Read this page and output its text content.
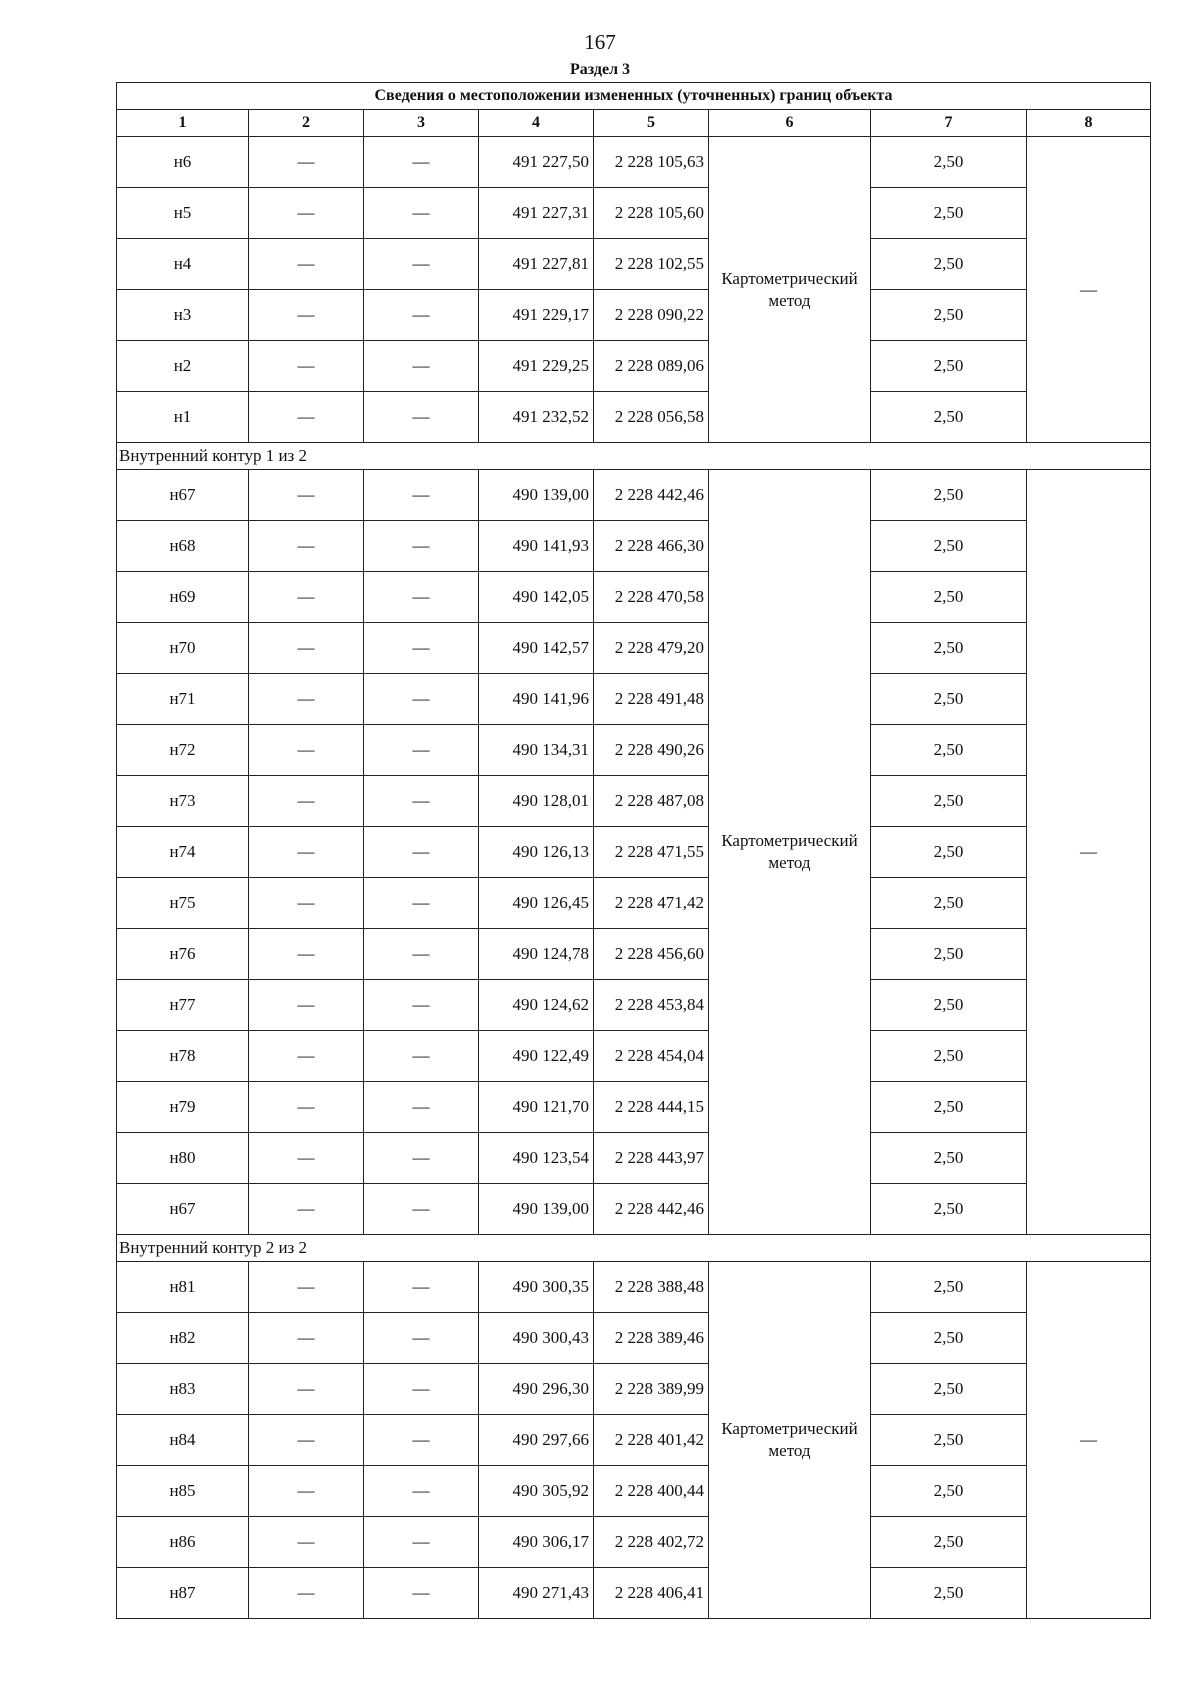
167
Раздел 3
Сведения о местоположении измененных (уточненных) границ объекта							
1	2	3	4	5	6	7	8
н6	—	—	491 227,50	2 228 105,63	Картометрический метод	2,50	—
н5	—	—	491 227,31	2 228 105,60		2,50	
н4	—	—	491 227,81	2 228 102,55		2,50	
н3	—	—	491 229,17	2 228 090,22		2,50	
н2	—	—	491 229,25	2 228 089,06		2,50	
н1	—	—	491 232,52	2 228 056,58		2,50	
Внутренний контур 1 из 2							
н67	—	—	490 139,00	2 228 442,46	Картометрический метод	2,50	—
н68	—	—	490 141,93	2 228 466,30		2,50	
н69	—	—	490 142,05	2 228 470,58		2,50	
н70	—	—	490 142,57	2 228 479,20		2,50	
н71	—	—	490 141,96	2 228 491,48		2,50	
н72	—	—	490 134,31	2 228 490,26		2,50	
н73	—	—	490 128,01	2 228 487,08		2,50	
н74	—	—	490 126,13	2 228 471,55		2,50	
н75	—	—	490 126,45	2 228 471,42		2,50	
н76	—	—	490 124,78	2 228 456,60		2,50	
н77	—	—	490 124,62	2 228 453,84		2,50	
н78	—	—	490 122,49	2 228 454,04		2,50	
н79	—	—	490 121,70	2 228 444,15		2,50	
н80	—	—	490 123,54	2 228 443,97		2,50	
н67	—	—	490 139,00	2 228 442,46		2,50	
Внутренний контур 2 из 2							
н81	—	—	490 300,35	2 228 388,48	Картометрический метод	2,50	—
н82	—	—	490 300,43	2 228 389,46		2,50	
н83	—	—	490 296,30	2 228 389,99		2,50	
н84	—	—	490 297,66	2 228 401,42		2,50	
н85	—	—	490 305,92	2 228 400,44		2,50	
н86	—	—	490 306,17	2 228 402,72		2,50	
н87	—	—	490 271,43	2 228 406,41		2,50	
